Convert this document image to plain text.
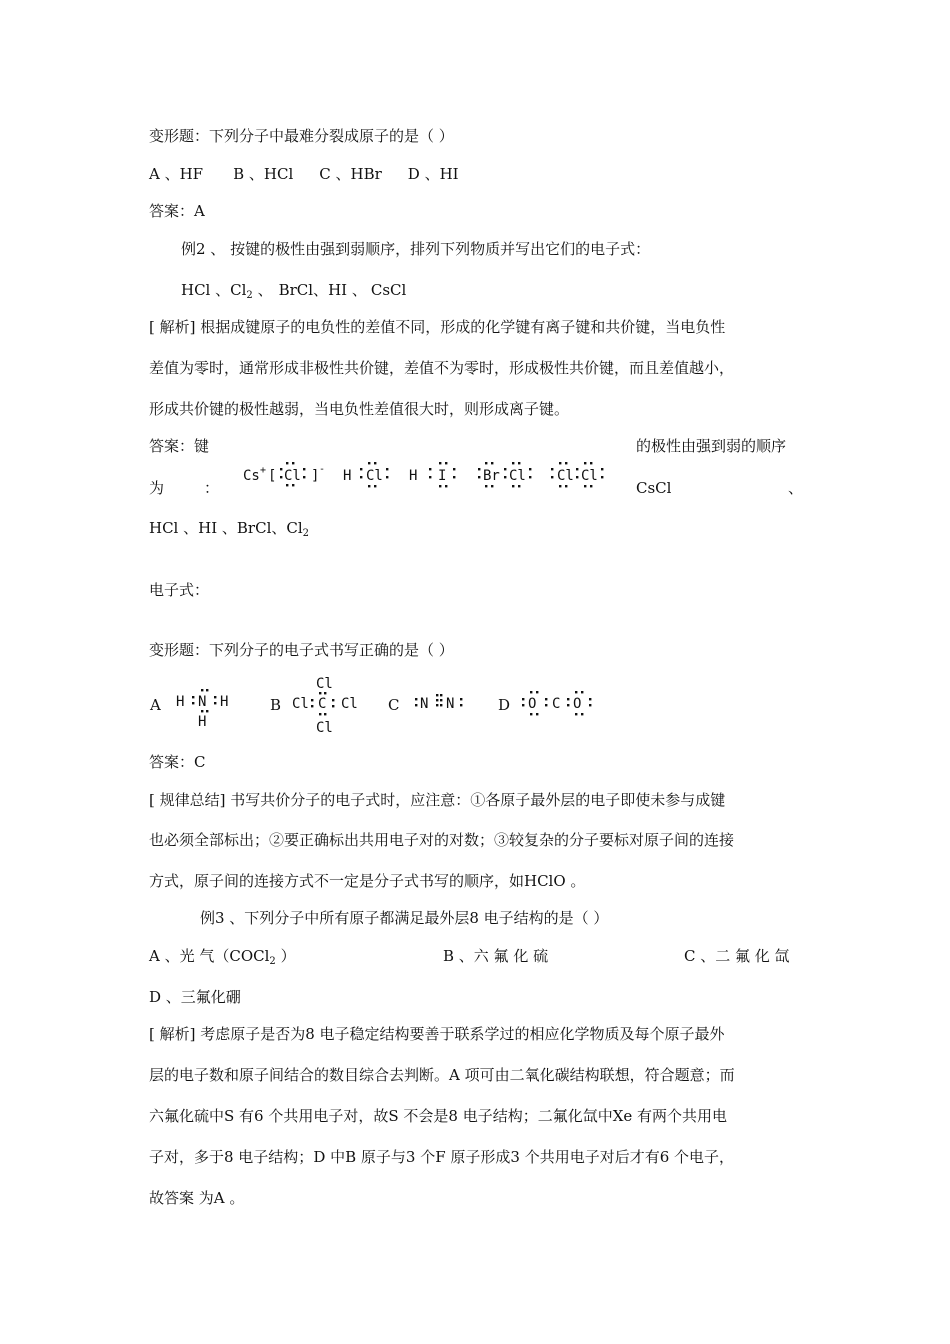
变形题：下列分子中最难分裂成原子的是（ ）
A 、HF B 、HCl C 、HBr D 、HI
答案：A
例2 、 按键的极性由强到弱顺序，排列下列物质并写出它们的电子式：
HCl 、$Cl_2$ 、 BrCl、HI 、 CsCl
[ 解析] 根据成键原子的电负性的差值不同，形成的化学键有离子键和共价键，当电负性
差值为零时，通常形成非极性共价键，差值不为零时，形成极性共价键，而且差值越小，
形成共价键的极性越弱，当电负性差值很大时，则形成离子键。
答案：键	的极性由强到弱的顺序
为	：	CsCl	、
Cs + [ Cl ] - H Cl H I	Br Cl Cl Cl
HCl 、HI 、BrCl、$Cl_2$
电子式：
变形题：下列分子的电子式书写正确的是（ ）
A H N H
H
B Cl C Cl
Cl
Cl
C N N	D O C O
答案：C
[ 规律总结] 书写共价分子的电子式时，应注意：①各原子最外层的电子即使未参与成键
也必须全部标出；②要正确标出共用电子对的对数；③较复杂的分子要标对原子间的连接
方式，原子间的连接方式不一定是分子式书写的顺序，如HClO 。
例3 、下列分子中所有原子都满足最外层8 电子结构的是（ ）
A 、光 气（COCl$_2$ ）	B 、六 氟 化 硫	C 、二 氟 化 氙
D 、三氟化硼
[ 解析] 考虑原子是否为8 电子稳定结构要善于联系学过的相应化学物质及每个原子最外
层的电子数和原子间结合的数目综合去判断。A 项可由二氧化碳结构联想，符合题意；而
六氟化硫中S 有6 个共用电子对，故S 不会是8 电子结构；二氟化氙中Xe 有两个共用电
子对，多于8 电子结构；D 中B 原子与3 个F 原子形成3 个共用电子对后才有6 个电子，
故答案 为A 。
